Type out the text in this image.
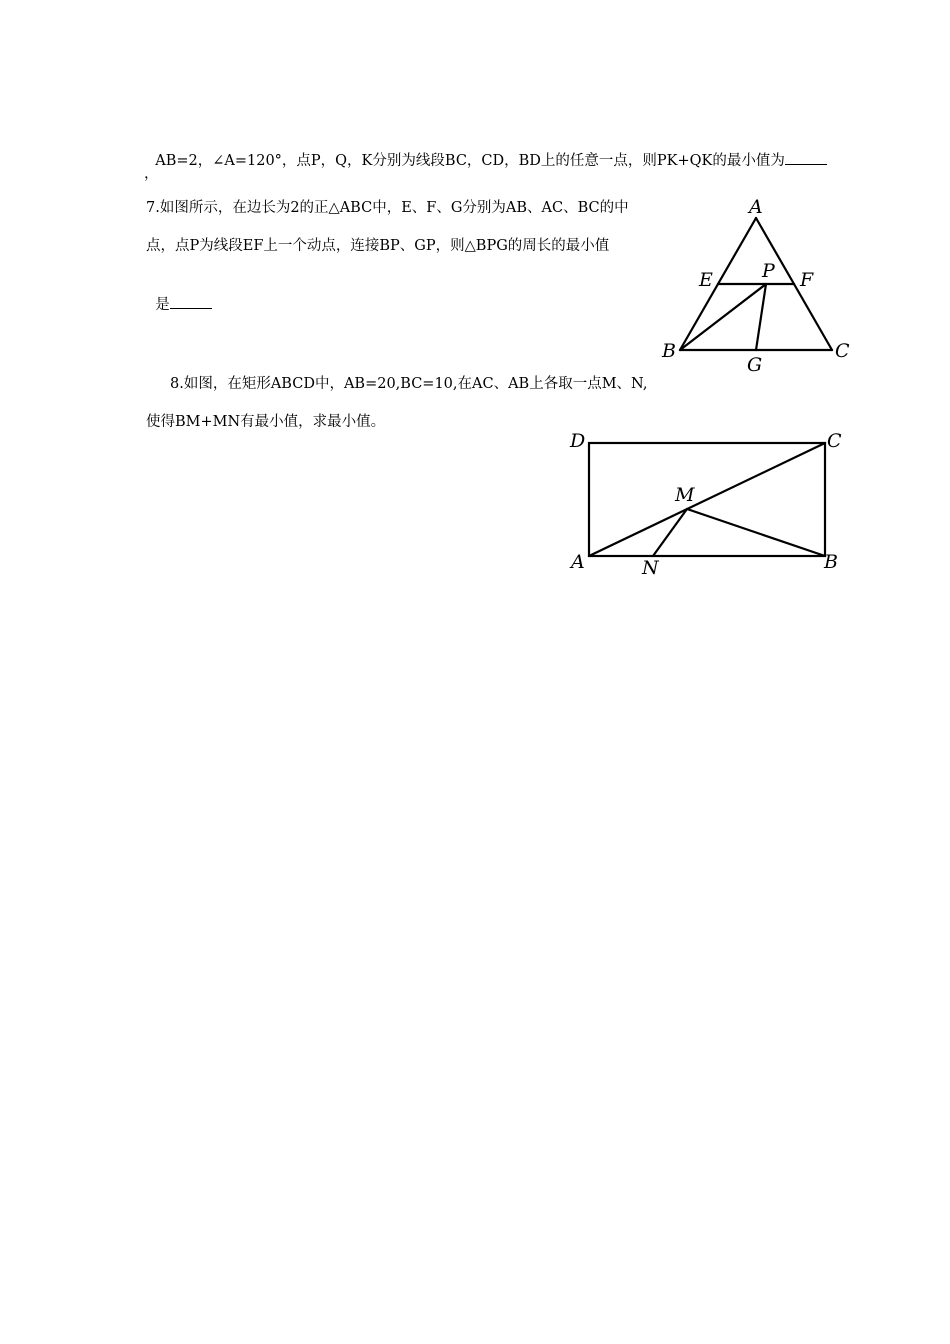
AB=2，∠A=120°，点P，Q，K分别为线段BC，CD，BD上的任意一点，则PK+QK的最小值为

，
7.如图所示，在边长为2的正△ABC中，E、F、G分别为AB、AC、BC的中
点，点P为线段EF上一个动点，连接BP、GP，则△BPG的周长的最小值

是

A
E	P F
B
G
C
8.如图，在矩形ABCD中，AB=20,BC=10,在AC、AB上各取一点M、N,
使得BM+MN有最小值，求最小值。
D	C
M
A	N	B
